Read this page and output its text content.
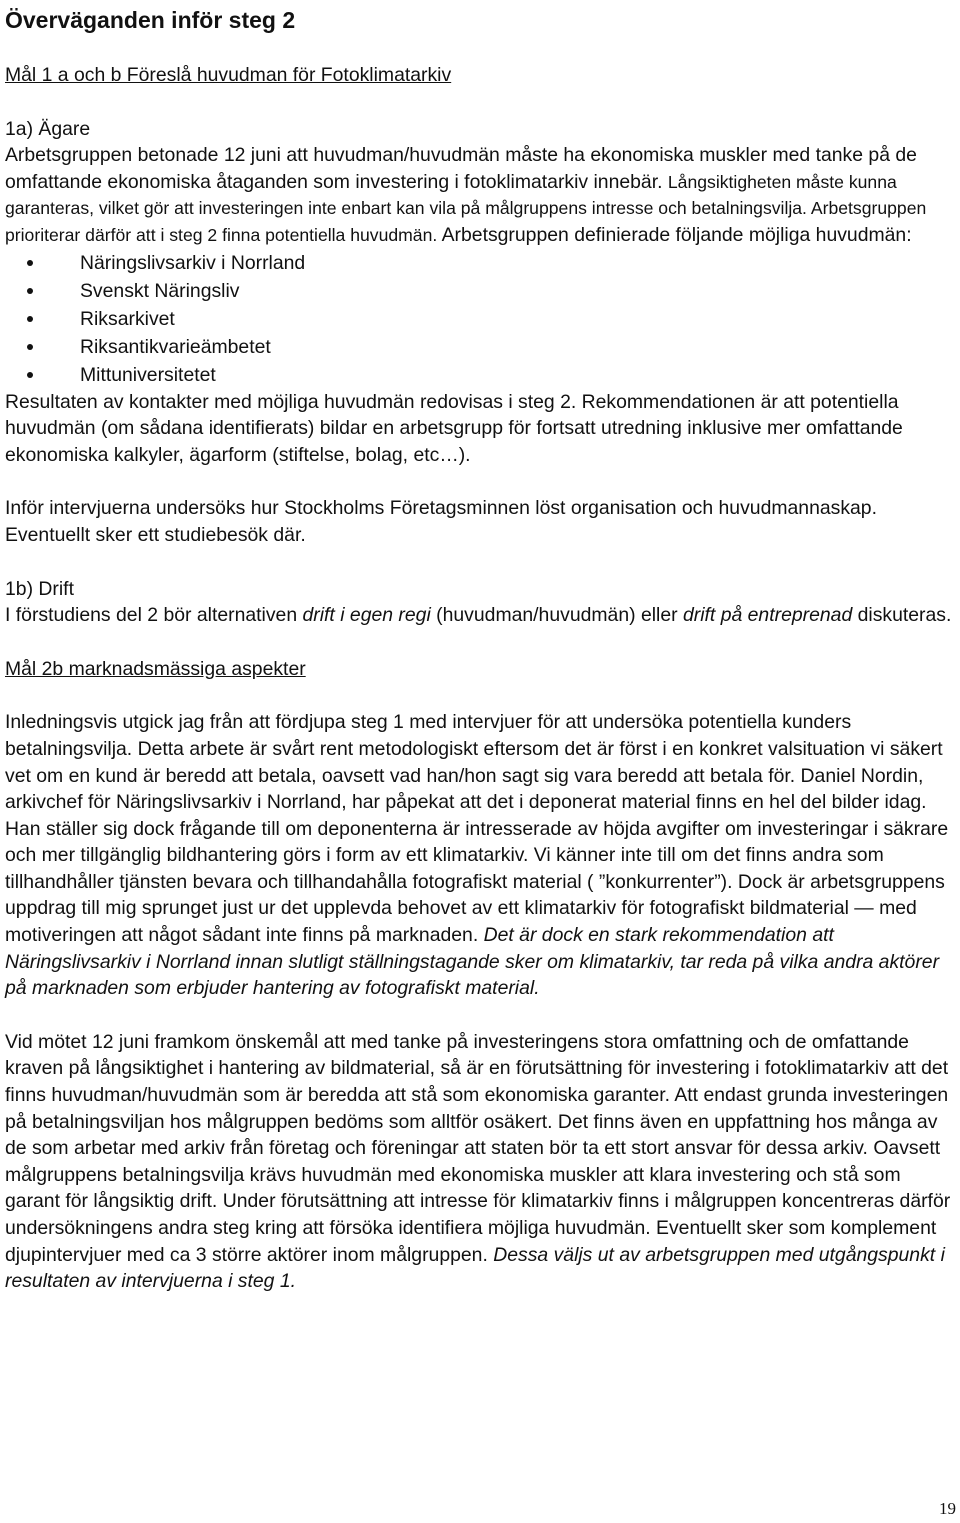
Överväganden inför steg 2

Mål 1 a och b Föreslå huvudman för Fotoklimatarkiv

1a) Ägare

Arbetsgruppen betonade 12 juni att huvudman/huvudmän måste ha ekonomiska muskler med tanke på de omfattande ekonomiska åtaganden som investering i fotoklimatarkiv innebär. Långsiktigheten måste kunna garanteras, vilket gör att investeringen inte enbart kan vila på målgruppens intresse och betalningsvilja. Arbetsgruppen prioriterar därför att i steg 2 finna potentiella huvudmän. Arbetsgruppen definierade följande möjliga huvudmän:

Näringslivsarkiv i Norrland
Svenskt Näringsliv
Riksarkivet
Riksantikvarieämbetet
Mittuniversitetet

Resultaten av kontakter med möjliga huvudmän redovisas i steg 2. Rekommendationen är att potentiella huvudmän (om sådana identifierats) bildar en arbetsgrupp för fortsatt utredning inklusive mer omfattande ekonomiska kalkyler, ägarform (stiftelse, bolag, etc…).

Inför intervjuerna undersöks hur Stockholms Företagsminnen löst organisation och huvudmannaskap. Eventuellt sker ett studiebesök där.

1b) Drift

I förstudiens del 2 bör alternativen drift i egen regi (huvudman/huvudmän) eller drift på entreprenad diskuteras.

Mål 2b marknadsmässiga aspekter

Inledningsvis utgick jag från att fördjupa steg 1 med intervjuer för att undersöka potentiella kunders betalningsvilja. Detta arbete är svårt rent metodologiskt eftersom det är först i en konkret valsituation vi säkert vet om en kund är beredd att betala, oavsett vad han/hon sagt sig vara beredd att betala för. Daniel Nordin, arkivchef för Näringslivsarkiv i Norrland, har påpekat att det i deponerat material finns en hel del bilder idag. Han ställer sig dock frågande till om deponenterna är intresserade av höjda avgifter om investeringar i säkrare och mer tillgänglig bildhantering görs i form av ett klimatarkiv. Vi känner inte till om det finns andra som tillhandhåller tjänsten bevara och tillhandahålla fotografiskt material ( ”konkurrenter”). Dock är arbetsgruppens uppdrag till mig sprunget just ur det upplevda behovet av ett klimatarkiv för fotografiskt bildmaterial — med motiveringen att något sådant inte finns på marknaden. Det är dock en stark rekommendation att Näringslivsarkiv i Norrland innan slutligt ställningstagande sker om klimatarkiv, tar reda på vilka andra aktörer på marknaden som erbjuder hantering av fotografiskt material.

Vid mötet 12 juni framkom önskemål att med tanke på investeringens stora omfattning och de omfattande kraven på långsiktighet i hantering av bildmaterial, så är en förutsättning för investering i fotoklimatarkiv att det finns huvudman/huvudmän som är beredda att stå som ekonomiska garanter. Att endast grunda investeringen på betalningsviljan hos målgruppen bedöms som alltför osäkert. Det finns även en uppfattning hos många av de som arbetar med arkiv från företag och föreningar att staten bör ta ett stort ansvar för dessa arkiv. Oavsett målgruppens betalningsvilja krävs huvudmän med ekonomiska muskler att klara investering och stå som garant för långsiktig drift. Under förutsättning att intresse för klimatarkiv finns i målgruppen koncentreras därför undersökningens andra steg kring att försöka identifiera möjliga huvudmän. Eventuellt sker som komplement djupintervjuer med ca 3 större aktörer inom målgruppen. Dessa väljs ut av arbetsgruppen med utgångspunkt i resultaten av intervjuerna i steg 1.

19
